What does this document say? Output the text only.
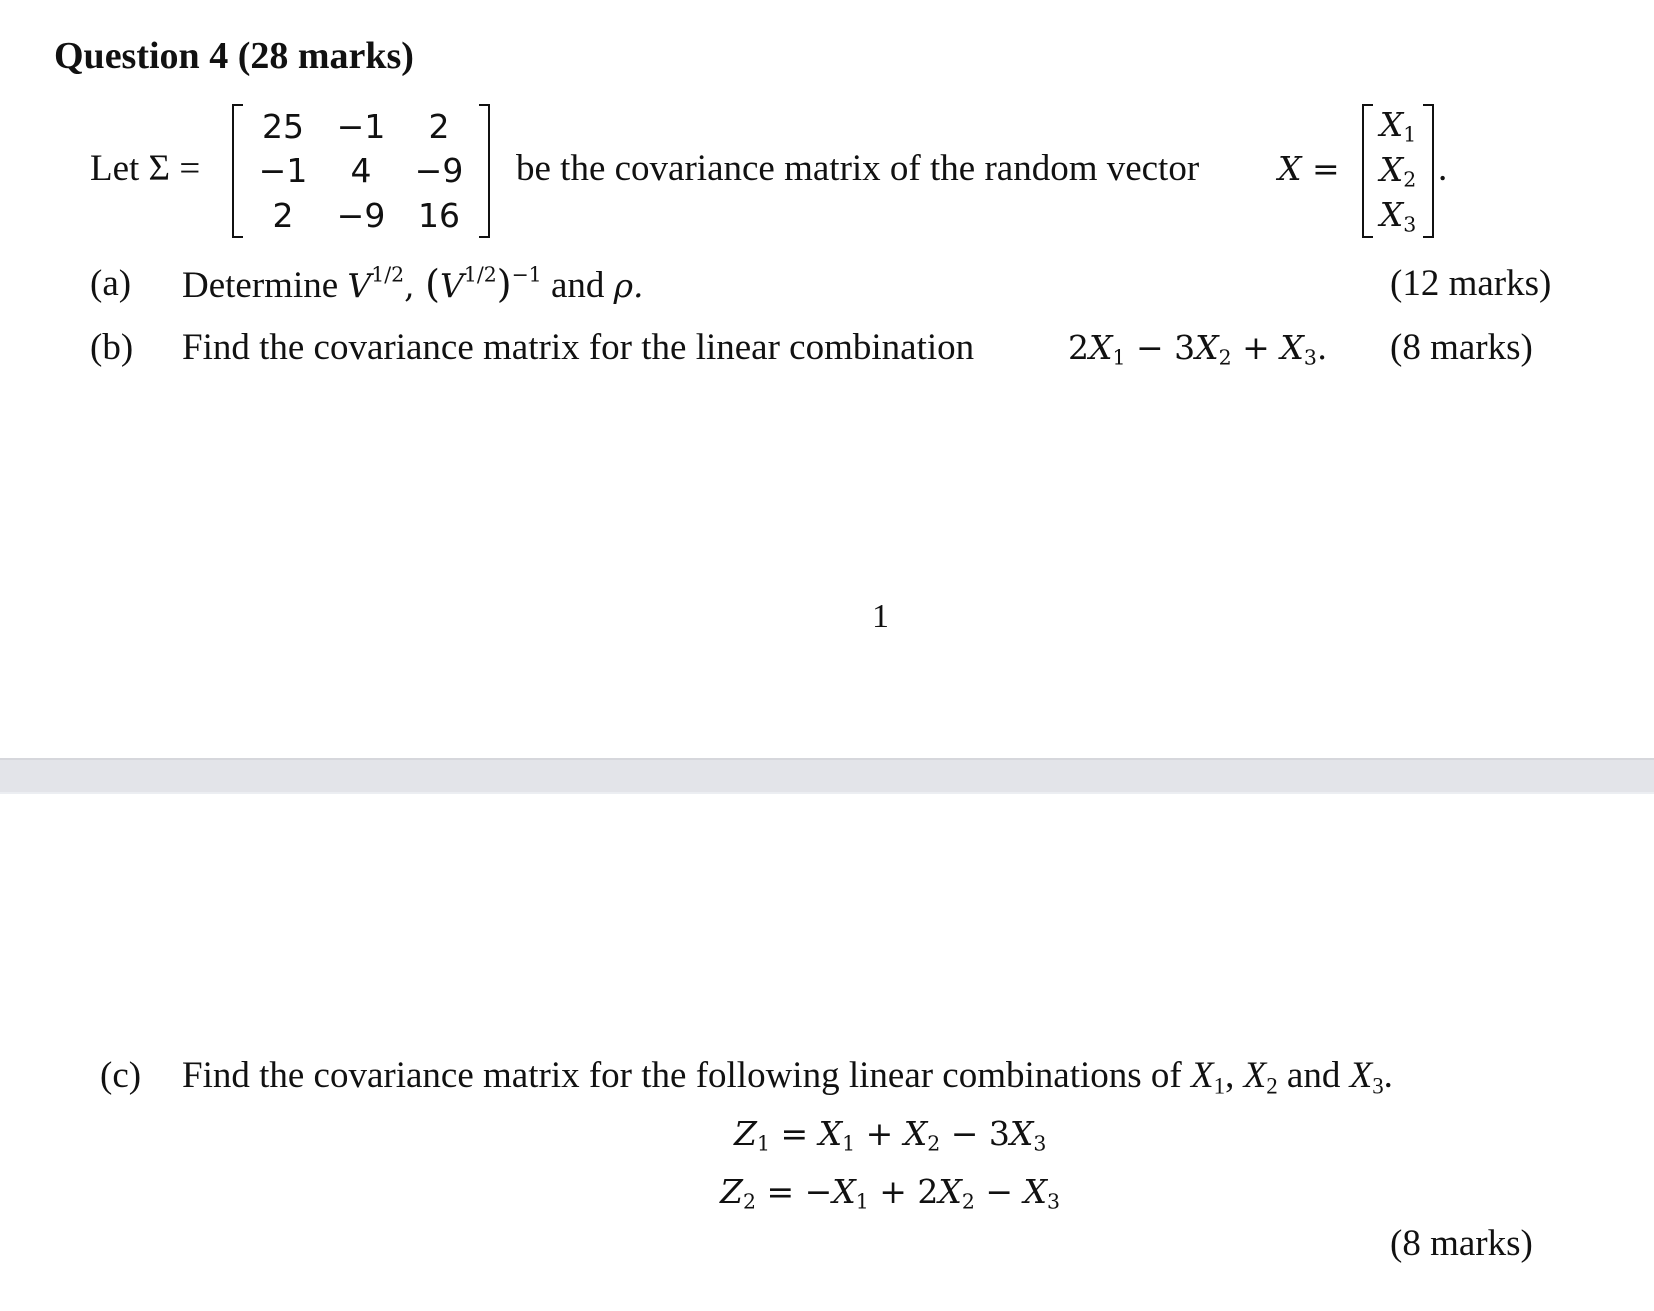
Question 4 (28 marks)
Let Σ =
25 −1	2
−1	4	−9
2	−9 16
be the covariance matrix of the random vector X =
$X_1$
$X_2$
$X_3$
.
(a) Determine $V^{1/2}$, $(V^{1/2})^{-1}$ and ρ.	(12 marks)
(b) Find the covariance matrix for the linear combination	$2X_1 - 3X_2 + X_3$. (8 marks)
1
(c) Find the covariance matrix for the following linear combinations of $X_1$, $X_2$ and $X_3$.
$Z_1 = X_1 + X_2 - 3X_3$
$Z_2 = -X_1 + 2X_2 - X_3$
(8 marks)
